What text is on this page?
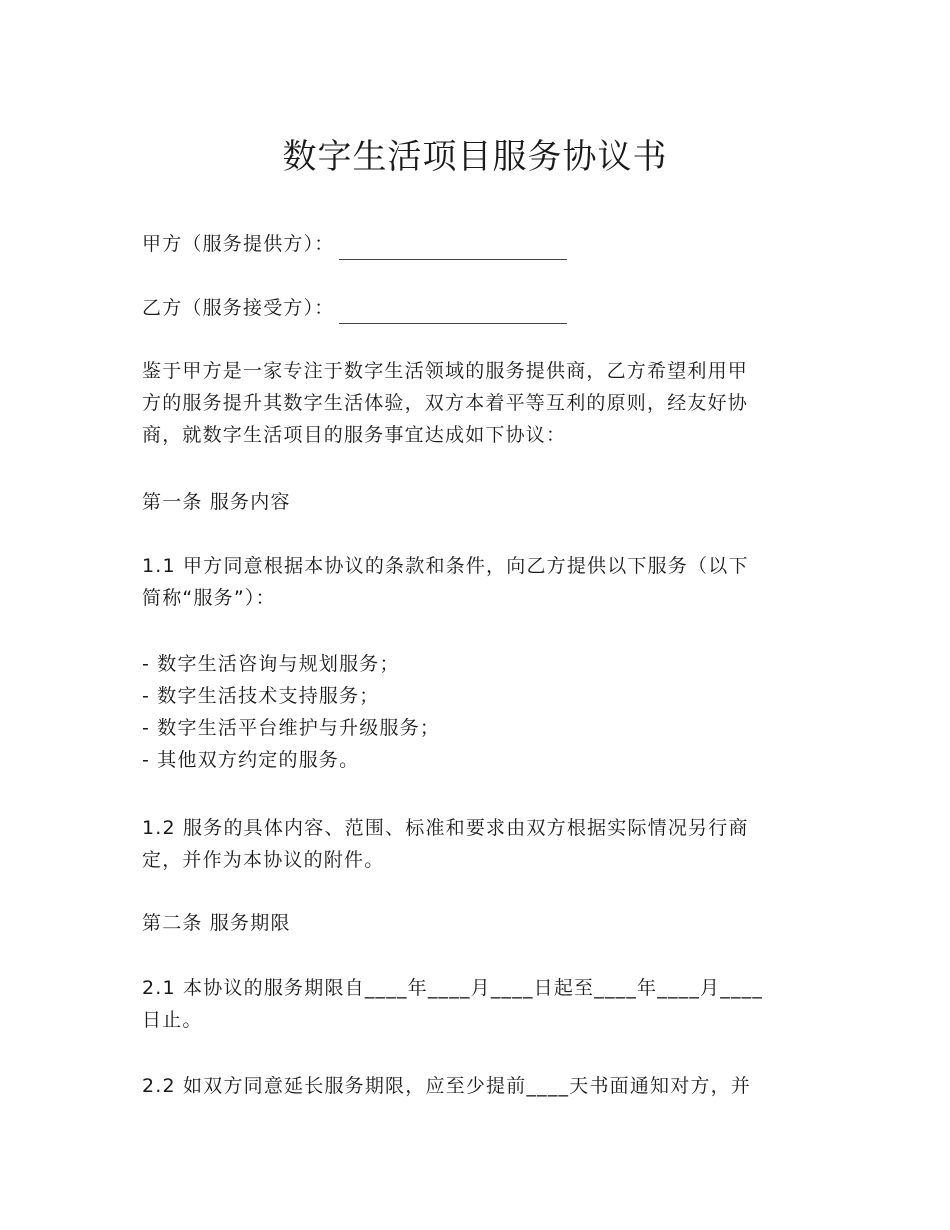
数字生活项目服务协议书
甲方（服务提供方）：
乙方（服务接受方）：

鉴于甲方是一家专注于数字生活领域的服务提供商，乙方希望利用甲

方的服务提升其数字生活体验，双方本着平等互利的原则，经友好协

商，就数字生活项目的服务事宜达成如下协议：

第一条 服务内容

1.1 甲方同意根据本协议的条款和条件，向乙方提供以下服务（以下

简称“服务”）：

- 数字生活咨询与规划服务；

- 数字生活技术支持服务；

- 数字生活平台维护与升级服务；

- 其他双方约定的服务。

1.2 服务的具体内容、范围、标准和要求由双方根据实际情况另行商

定，并作为本协议的附件。

第二条 服务期限

2.1 本协议的服务期限自____年____月____日起至____年____月____

日止。

2.2 如双方同意延长服务期限，应至少提前____天书面通知对方，并
